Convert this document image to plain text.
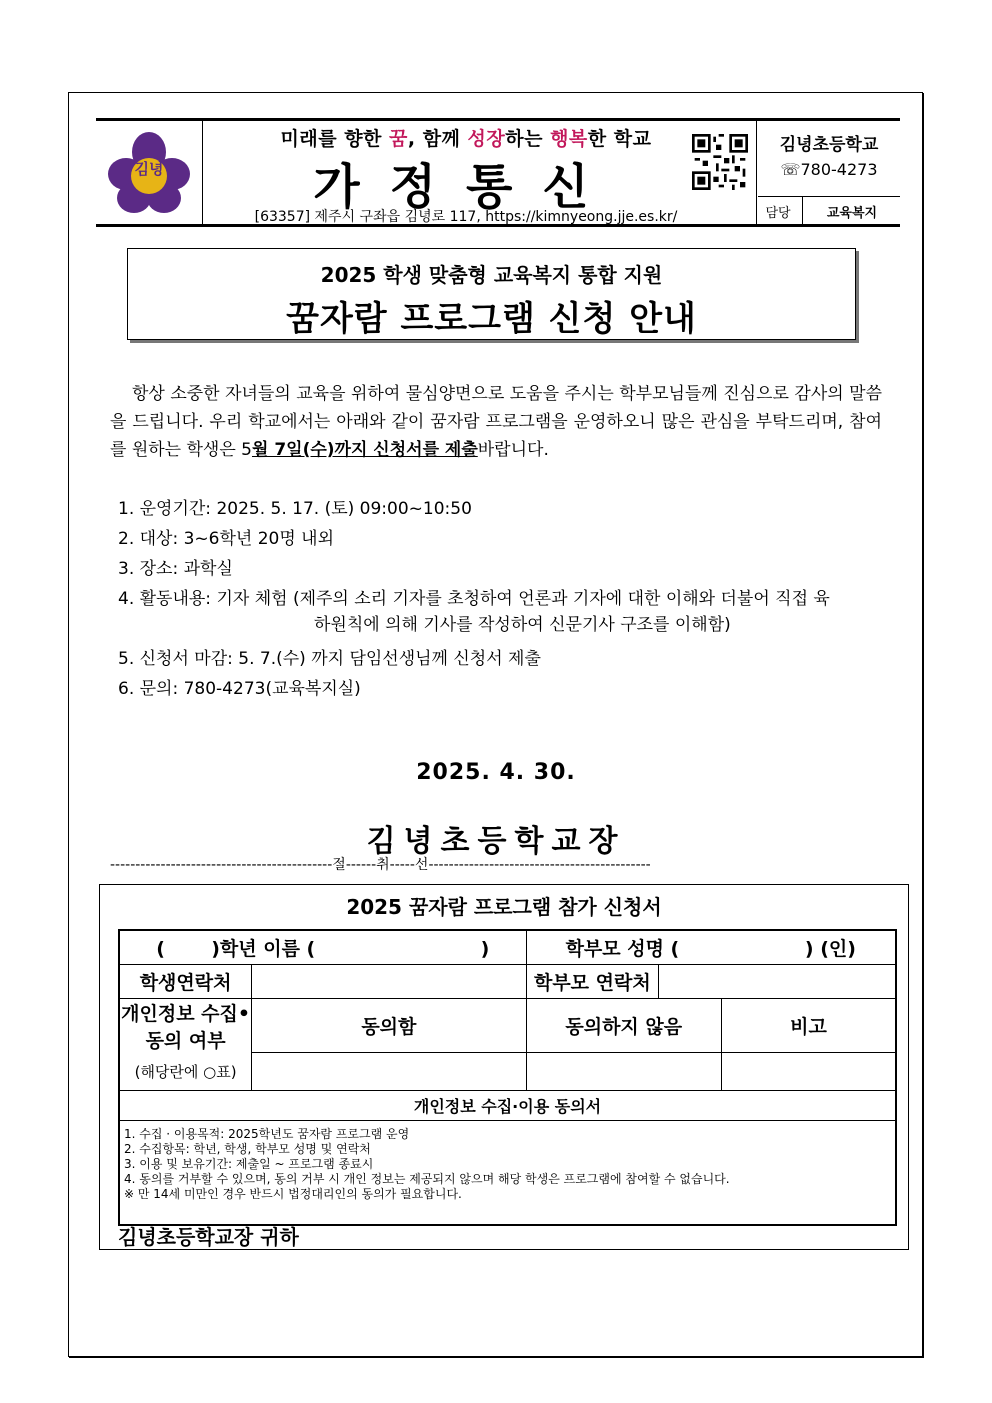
김녕
미래를 향한 꿈, 함께 성장하는 행복한 학교
가정통신
[63357] 제주시 구좌읍 김녕로 117, https://kimnyeong.jje.es.kr/
김녕초등학교
☏780-4273
담당	교육복지
2025 학생 맞춤형 교육복지 통합 지원
꿈자람 프로그램 신청 안내
항상 소중한 자녀들의 교육을 위하여 물심양면으로 도움을 주시는 학부모님들께 진심으로 감사의 말씀을 드립니다. 우리 학교에서는 아래와 같이 꿈자람 프로그램을 운영하오니 많은 관심을 부탁드리며, 참여를 원하는 학생은 5월 7일(수)까지 신청서를 제출바랍니다.
1. 운영기간: 2025. 5. 17. (토) 09:00~10:50
2. 대상: 3~6학년 20명 내외
3. 장소: 과학실
4. 활동내용: 기자 체험 (제주의 소리 기자를 초청하여 언론과 기자에 대한 이해와 더불어 직접 육
하원칙에 의해 기사를 작성하여 신문기사 구조를 이해함)
5. 신청서 마감: 5. 7.(수) 까지 담임선생님께 신청서 제출
6. 문의: 780-4273(교육복지실)
2025. 4. 30.
김녕초등학교장
--------------------------------------------절------취-----선--------------------------------------------
2025 꿈자람 프로그램 참가 신청서
(       )학년 이름 (                         )		학부모 성명 (                   ) (인)		
학생연락처		학부모 연락처		
개인정보 수집•동의 여부	동의함	동의하지 않음		비고
(해당란에 ○표)				
개인정보 수집·이용 동의서				

1. 수집 · 이용목적: 2025학년도 꿈자람 프로그램 운영
2. 수집항목: 학년, 학생, 학부모 성명 및 연락처
3. 이용 및 보유기간: 제출일 ~ 프로그램 종료시
4. 동의를 거부할 수 있으며, 동의 거부 시 개인 정보는 제공되지 않으며 해당 학생은 프로그램에 참여할 수 없습니다.
※ 만 14세 미만인 경우 반드시 법정대리인의 동의가 필요합니다.				
김녕초등학교장 귀하
